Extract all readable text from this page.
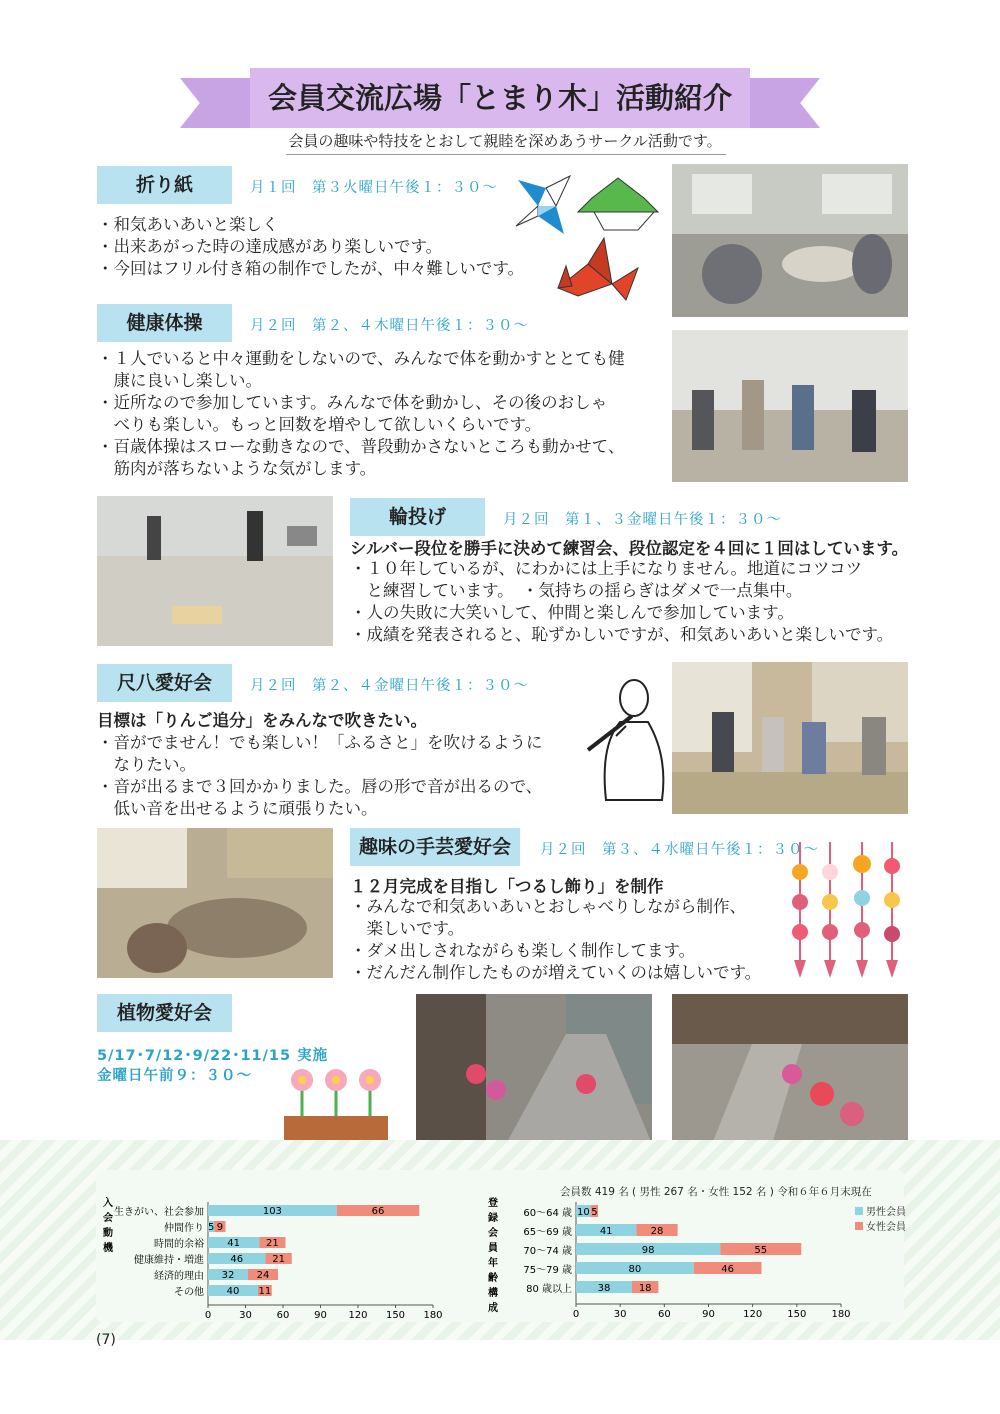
会員交流広場「とまり木」活動紹介
会員の趣味や特技をとおして親睦を深めあうサークル活動です。
折り紙	月１回　第３火曜日午後１：３０～
・和気あいあいと楽しく
・出来あがった時の達成感があり楽しいです。
・今回はフリル付き箱の制作でしたが、中々難しいです。
健康体操	月２回　第２、４木曜日午後１：３０～
・１人でいると中々運動をしないので、みんなで体を動かすととても健
　康に良いし楽しい。
・近所なので参加しています。みんなで体を動かし、その後のおしゃ
　べりも楽しい。もっと回数を増やして欲しいくらいです。
・百歳体操はスローな動きなので、普段動かさないところも動かせて、
　筋肉が落ちないような気がします。
輪投げ	月２回　第１、３金曜日午後１：３０～
シルバー段位を勝手に決めて練習会、段位認定を４回に１回はしています。
・１０年しているが、にわかには上手になりません。地道にコツコツ
　と練習しています。　・気持ちの揺らぎはダメで一点集中。
・人の失敗に大笑いして、仲間と楽しんで参加しています。
・成績を発表されると、恥ずかしいですが、和気あいあいと楽しいです。
尺八愛好会	月２回　第２、４金曜日午後１：３０～
目標は「りんご追分」をみんなで吹きたい。
・音がでません！でも楽しい！「ふるさと」を吹けるように
　なりたい。
・音が出るまで３回かかりました。唇の形で音が出るので、
　低い音を出せるように頑張りたい。
趣味の手芸愛好会	月２回　第３、４水曜日午後１：３０～
１２月完成を目指し「つるし飾り」を制作
・みんなで和気あいあいとおしゃべりしながら制作、
　楽しいです。
・ダメ出しされながらも楽しく制作してます。
・だんだん制作したものが増えていくのは嬉しいです。
植物愛好会
5/17･7/12･9/22･11/15 実施
金曜日午前９：３０～
会員数 419 名 ( 男性 267 名・女性 152 名 ) 令和６年６月末現在
男性会員
女性会員
入
会
動
機
0	30 60 90 120 150 180
生きがい、社会参加	103	66
仲間作り 5 9
時間的余裕 41	21
健康維持・増進	46	21
経済的理由 32 24
その他 40 11
登
録
会
員
年
齢
構
成
0	30	60	90	120	150	180
60～64 歳 10 5
65～69 歳	41	28
70～74 歳	98	55
75～79 歳	80	46
80 歳以上	38	18
(7)
